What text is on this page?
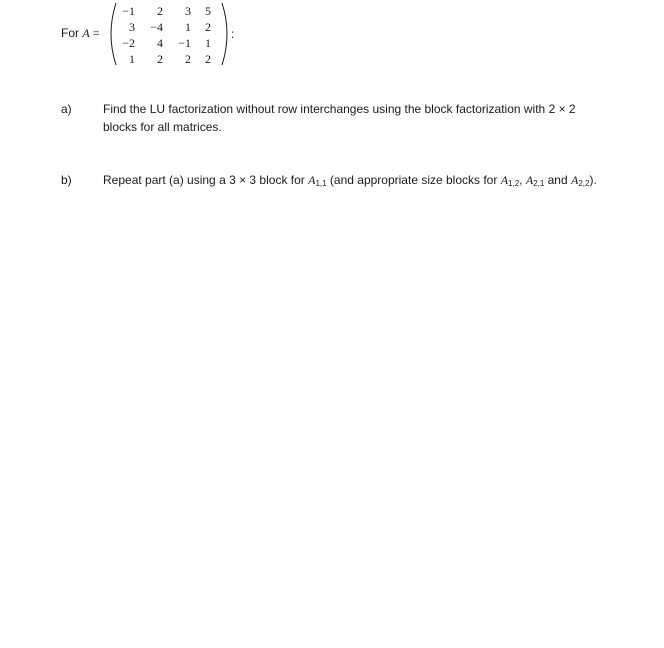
For A =
−1 2 3 5
3 −4 1 2
−2 4 −1 1
1 2 2 2
:
a)	Find the LU factorization without row interchanges using the block factorization with 2 × 2 blocks for all matrices.
b)	Repeat part (a) using a 3 × 3 block for $A_{1,1}$ (and appropriate size blocks for $A_{1,2}$, $A_{2,1}$ and $A_{2,2}$).
